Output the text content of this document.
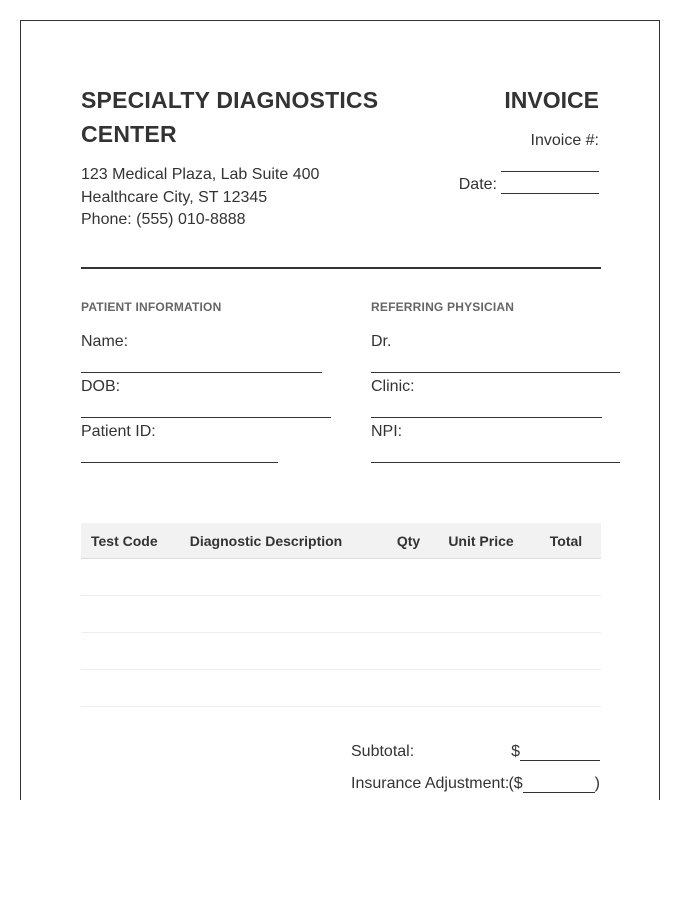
SPECIALTY DIAGNOSTICS CENTER
INVOICE
Invoice #:
Date:
123 Medical Plaza, Lab Suite 400
Healthcare City, ST 12345
Phone: (555) 010-8888
PATIENT INFORMATION
Name:
DOB:
Patient ID:
REFERRING PHYSICIAN
Dr.
Clinic:
NPI:
Test Code	Diagnostic Description	Qty	Unit Price	Total

Subtotal:	$
Insurance Adjustment: ($	)
